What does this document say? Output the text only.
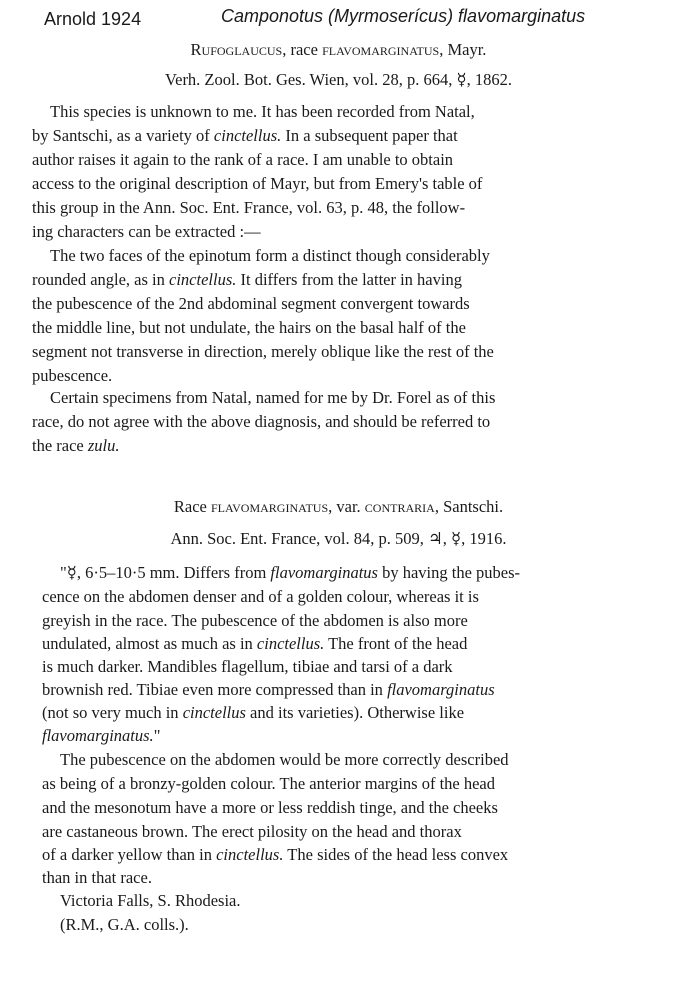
Arnold 1924	Camponotus (Myrmoserícus) flavomarginatus
Rufoglaucus, race flavomarginatus, Mayr.
Verh. Zool. Bot. Ges. Wien, vol. 28, p. 664, ☿, 1862.
This species is unknown to me. It has been recorded from Natal,
by Santschi, as a variety of cinctellus. In a subsequent paper that
author raises it again to the rank of a race. I am unable to obtain
access to the original description of Mayr, but from Emery's table of
this group in the Ann. Soc. Ent. France, vol. 63, p. 48, the follow-
ing characters can be extracted :—
The two faces of the epinotum form a distinct though considerably
rounded angle, as in cinctellus. It differs from the latter in having
the pubescence of the 2nd abdominal segment convergent towards
the middle line, but not undulate, the hairs on the basal half of the
segment not transverse in direction, merely oblique like the rest of the
pubescence.
Certain specimens from Natal, named for me by Dr. Forel as of this
race, do not agree with the above diagnosis, and should be referred to
the race zulu.
Race flavomarginatus, var. contraria, Santschi.
Ann. Soc. Ent. France, vol. 84, p. 509, ♃, ☿, 1916.
"☿, 6·5–10·5 mm. Differs from flavomarginatus by having the pubes-
cence on the abdomen denser and of a golden colour, whereas it is
greyish in the race. The pubescence of the abdomen is also more
undulated, almost as much as in cinctellus. The front of the head
is much darker. Mandibles flagellum, tibiae and tarsi of a dark
brownish red. Tibiae even more compressed than in flavomarginatus
(not so very much in cinctellus and its varieties). Otherwise like
flavomarginatus."
The pubescence on the abdomen would be more correctly described
as being of a bronzy-golden colour. The anterior margins of the head
and the mesonotum have a more or less reddish tinge, and the cheeks
are castaneous brown. The erect pilosity on the head and thorax
of a darker yellow than in cinctellus. The sides of the head less convex
than in that race.
Victoria Falls, S. Rhodesia.
(R.M., G.A. colls.).
